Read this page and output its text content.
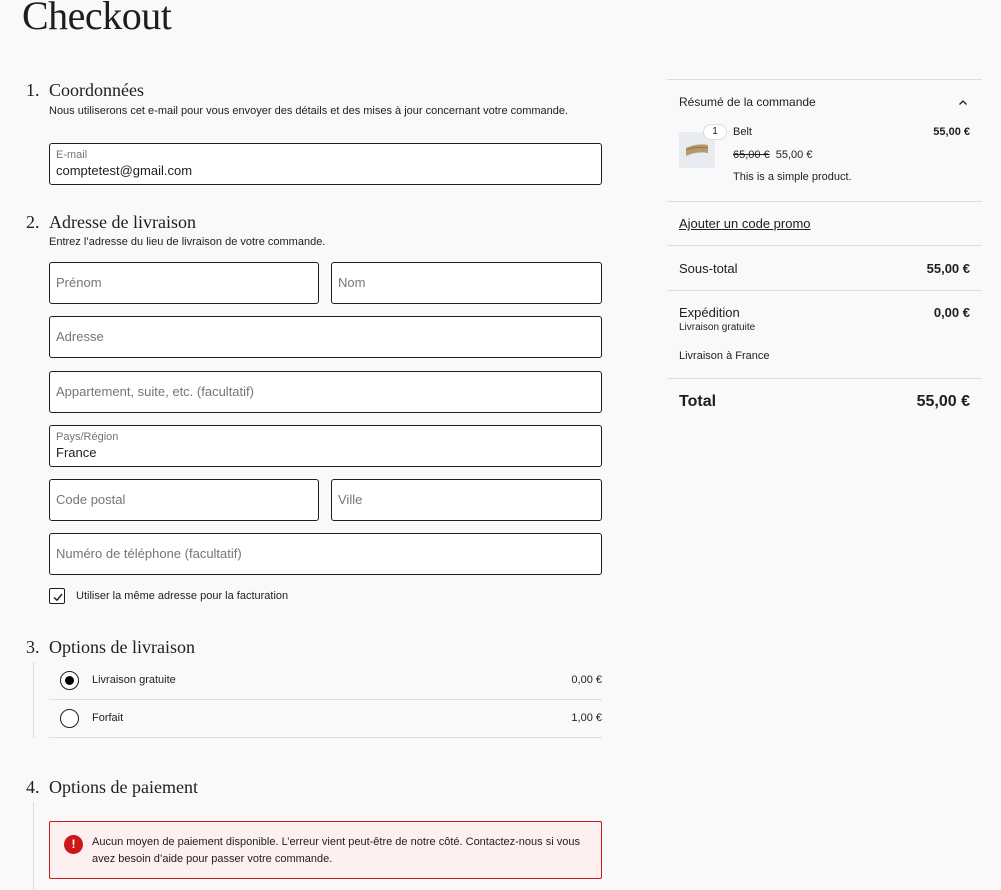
Checkout
1. Coordonnées
Nous utiliserons cet e-mail pour vous envoyer des détails et des mises à jour concernant votre commande.
E-mail
comptetest@gmail.com
2. Adresse de livraison
Entrez l’adresse du lieu de livraison de votre commande.
Prénom	Nom
Adresse
Appartement, suite, etc. (facultatif)
Pays/Région
France
Code postal	Ville
Numéro de téléphone (facultatif)
Utiliser la même adresse pour la facturation
3. Options de livraison
Livraison gratuite	0,00 €
Forfait	1,00 €
4. Options de paiement
!	Aucun moyen de paiement disponible. L’erreur vient peut-être de notre côté. Contactez-nous si vous avez besoin d’aide pour passer votre commande.
Résumé de la commande
1	Belt	55,00 €
65,00 € 55,00 €
This is a simple product.
Ajouter un code promo
Sous-total	55,00 €
Expédition	0,00 €
Livraison gratuite
Livraison à France
Total	55,00 €
